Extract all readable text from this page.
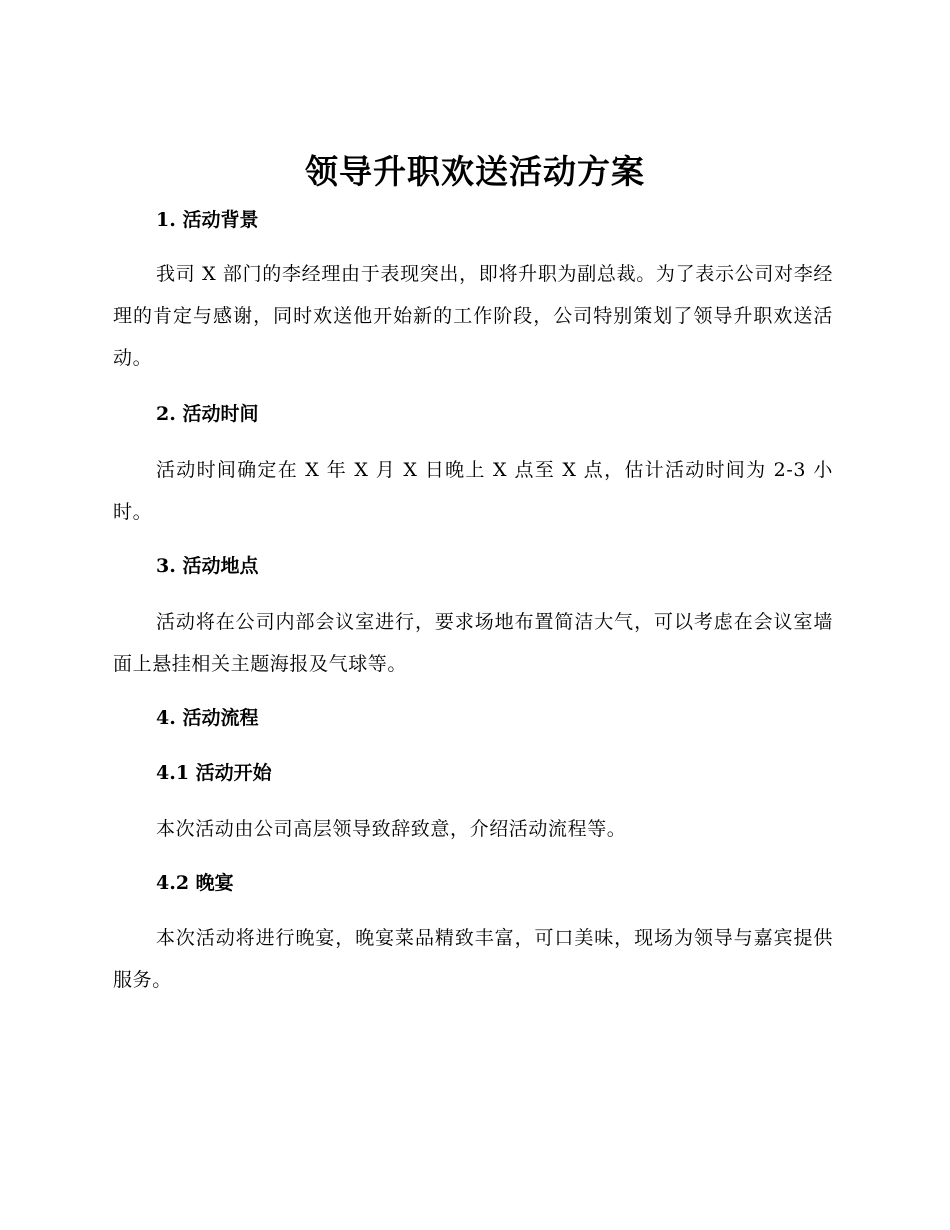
领导升职欢送活动方案
1. 活动背景

我司 X 部门的李经理由于表现突出，即将升职为副总裁。为了表示公司对李经理的肯定与感谢，同时欢送他开始新的工作阶段，公司特别策划了领导升职欢送活动。

2. 活动时间

活动时间确定在 X 年 X 月 X 日晚上 X 点至 X 点，估计活动时间为 2-3 小时。

3. 活动地点

活动将在公司内部会议室进行，要求场地布置简洁大气，可以考虑在会议室墙面上悬挂相关主题海报及气球等。

4. 活动流程
4.1 活动开始

本次活动由公司高层领导致辞致意，介绍活动流程等。

4.2 晚宴

本次活动将进行晚宴，晚宴菜品精致丰富，可口美味，现场为领导与嘉宾提供服务。
